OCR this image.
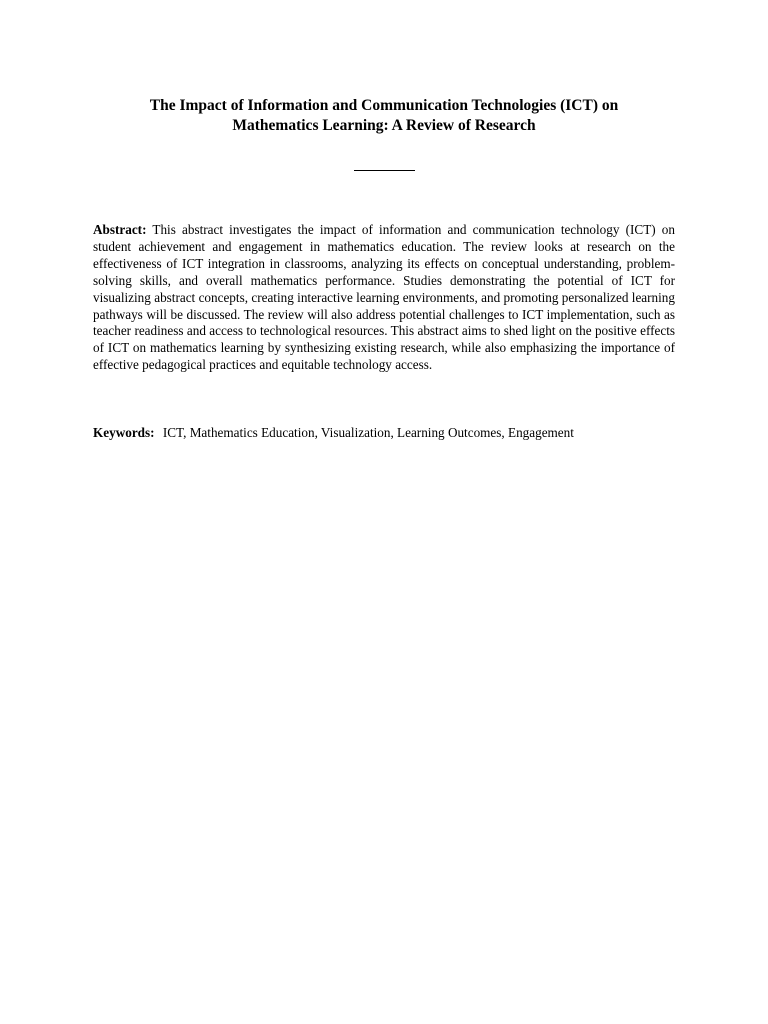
The Impact of Information and Communication Technologies (ICT) on
Mathematics Learning: A Review of Research

Abstract: This abstract investigates the impact of information and communication technology (ICT) on student achievement and engagement in mathematics education. The review looks at research on the effectiveness of ICT integration in classrooms, analyzing its effects on conceptual understanding, problem-solving skills, and overall mathematics performance. Studies demonstrating the potential of ICT for visualizing abstract concepts, creating interactive learning environments, and promoting personalized learning pathways will be discussed. The review will also address potential challenges to ICT implementation, such as teacher readiness and access to technological resources. This abstract aims to shed light on the positive effects of ICT on mathematics learning by synthesizing existing research, while also emphasizing the importance of effective pedagogical practices and equitable technology access.

Keywords: ICT, Mathematics Education, Visualization, Learning Outcomes, Engagement
